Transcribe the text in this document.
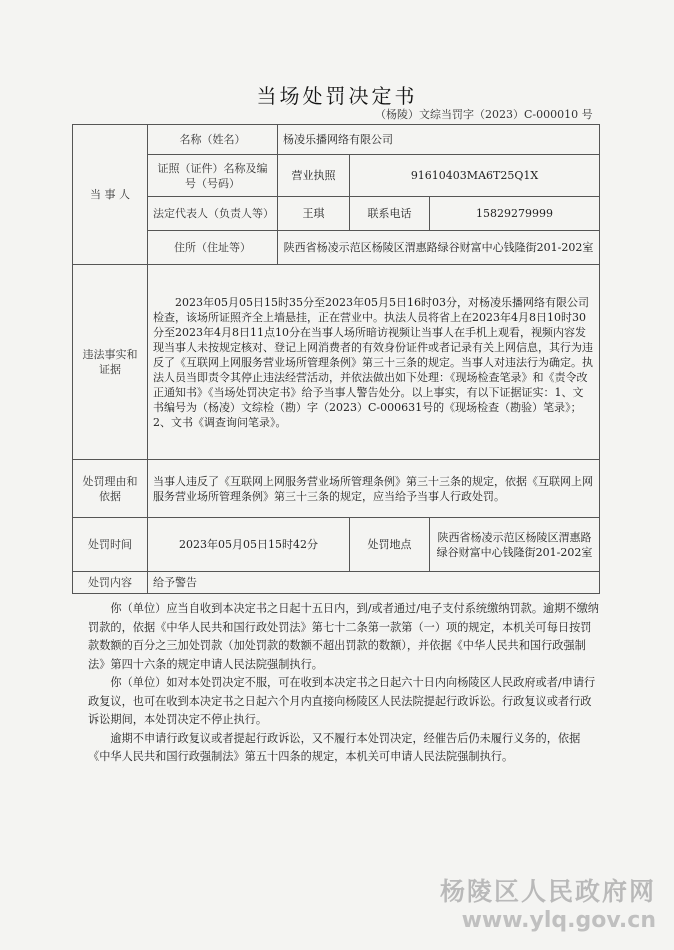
当场处罚决定书
（杨陵）文综当罚字（2023）C-000010 号
当 事 人	名称（姓名）	杨凌乐播网络有限公司		
	证照（证件）名称及编号（号码）	营业执照	91610403MA6T25Q1X	
	法定代表人（负责人等）	王琪	联系电话	15829279999
	住所（住址等）	陕西省杨凌示范区杨陵区渭惠路绿谷财富中心钱隆街201-202室		
违法事实和证据	2023年05月05日15时35分至2023年05月5日16时03分，对杨凌乐播网络有限公司检查，该场所证照齐全上墙悬挂，正在营业中。执法人员将省上在2023年4月8日10时30分至2023年4月8日11点10分在当事人场所暗访视频让当事人在手机上观看，视频内容发现当事人未按规定核对、登记上网消费者的有效身份证件或者记录有关上网信息，其行为违反了《互联网上网服务营业场所管理条例》第三十三条的规定。当事人对违法行为确定。执法人员当即责令其停止违法经营活动，并依法做出如下处理：《现场检查笔录》和《责令改正通知书》《当场处罚决定书》给予当事人警告处分。以上事实，有以下证据证实：1、文书编号为（杨凌）文综检（勘）字（2023）C-000631号的《现场检查（勘验）笔录》；2、文书《调查询问笔录》。			
处罚理由和依据	当事人违反了《互联网上网服务营业场所管理条例》第三十三条的规定，依据《互联网上网服务营业场所管理条例》第三十三条的规定，应当给予当事人行政处罚。			
处罚时间	2023年05月05日15时42分		处罚地点	陕西省杨凌示范区杨陵区渭惠路绿谷财富中心钱隆街201-202室
处罚内容	给予警告			

你（单位）应当自收到本决定书之日起十五日内，到/或者通过/电子支付系统缴纳罚款。逾期不缴纳罚款的，依据《中华人民共和国行政处罚法》第七十二条第一款第（一）项的规定，本机关可每日按罚款数额的百分之三加处罚款（加处罚款的数额不超出罚款的数额），并依据《中华人民共和国行政强制法》第四十六条的规定申请人民法院强制执行。

你（单位）如对本处罚决定不服，可在收到本决定书之日起六十日内向杨陵区人民政府或者/申请行政复议，也可在收到本决定书之日起六个月内直接向杨陵区人民法院提起行政诉讼。行政复议或者行政诉讼期间，本处罚决定不停止执行。

逾期不申请行政复议或者提起行政诉讼，又不履行本处罚决定，经催告后仍未履行义务的，依据《中华人民共和国行政强制法》第五十四条的规定，本机关可申请人民法院强制执行。

杨陵区人民政府网
www.ylq.gov.cn
